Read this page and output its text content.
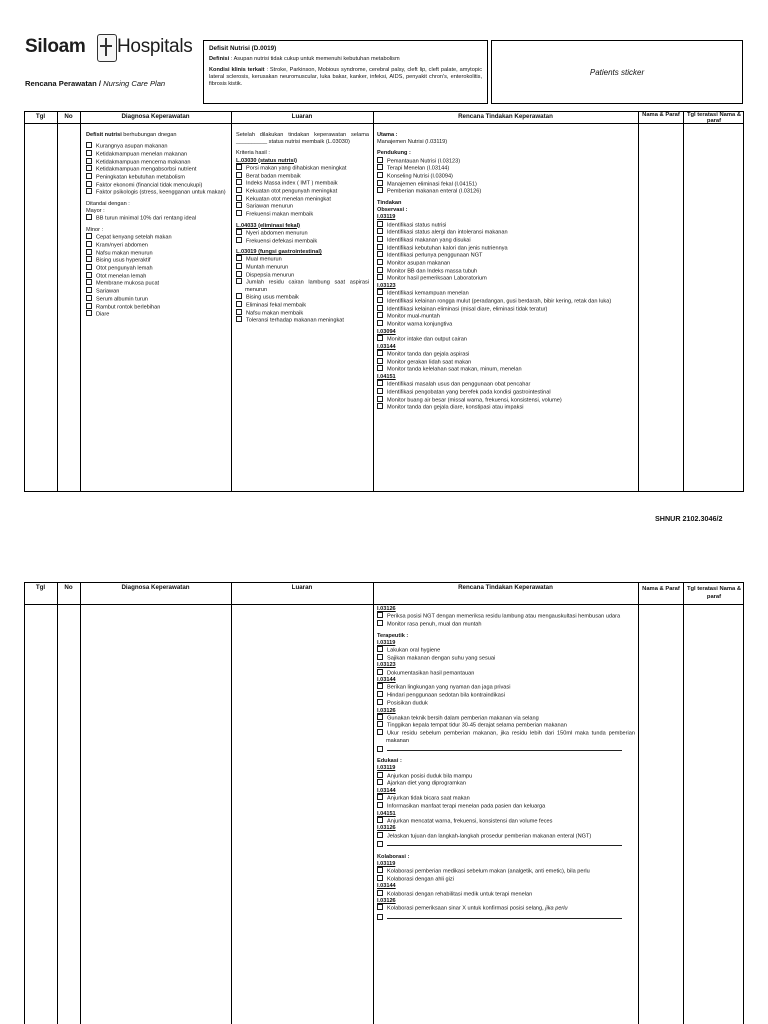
Siloam Hospitals
Rencana Perawatan / Nursing Care Plan
Defisit Nutrisi (D.0019)
Definisi : Asupan nutrisi tidak cukup untuk memenuhi kebutuhan metabolism
Kondisi klinis terkait : Stroke, Parkinson, Mobious syndrome, cerebral palsy, cleft lip, cleft palate, amytopic lateral sclerosis, kerusakan neuromuscular, luka bakar, kanker, infeksi, AIDS, penyakit chron's, enterokolitis, fibrosis kistik.
Patients sticker
Tgl	No	Diagnosa Keperawatan	Luaran	Rencana Tindakan Keperawatan	Nama & Paraf	Tgl teratasi Nama & paraf
Defisit nutrisi berhubungan dnegan
Kurangnya asupan makanan
Ketidakmampuan menelan makanan
Ketidakmampuan mencerna makanan
Ketidakmampuan mengabsorbsi nutrient
Peningkatan kebutuhan metabolism
Faktor ekonomi (financial tidak mencukupi)
Faktor psikologis (stress, keengganan untuk makan)
Ditandai dengan :
Mayor :
BB turun minimal 10% dari rentang ideal
Minor :
Cepat kenyang setelah makan
Kram/nyeri abdomen
Nafsu makan menurun
Bising usus hyperaktif
Otot pengunyah lemah
Otot menelan lemah
Membrane mukosa pucat
Sariawan
Serum albumin turun
Rambut rontok berlebihan
Diare
Setelah dilakukan tindakan keperawatan selama __________ status nutrisi membaik (L.03030)
Kriteria hasil :
L.03030 (status nutrisi)
Porsi makan yang dihabiskan meningkat
Berat badan membaik
Indeks Massa index ( IMT ) membaik
Kekuatan otot pengunyah meningkat
Kekuatan otot menelan meningkat
Sariawan menurun
Frekuensi makan membaik
L.04033 (eliminasi fekal)
Nyeri abdomen menurun
Frekuensi defekasi membaik
L.03019 (fungsi gastrointestinal)
Mual menurun
Muntah menurun
Dispepsia menurun
Jumlah residu cairan lambung saat aspirasi menurun
Bising usus membaik
Eliminasi fekal membaik
Nafsu makan membaik
Toleransi terhadap makanan meningkat
Utama :
Manajemen Nutrisi (I.03119)
Pendukung :
Pemantauan Nutrisi (I.03123)
Terapi Menelan (I.03144)
Konseling Nutrisi (I.03094)
Manajemen eliminasi fekal (I.04151)
Pemberian makanan enteral (I.03126)
Tindakan
Observasi :
I.03119
Identifikasi status nutrisi
Identifikasi status alergi dan intoleransi makanan
Identifikasi makanan yang disukai
Identifikasi kebutuhan kalori dan jenis nutriennya
Identifikasi perlunya penggunaan NGT
Monitor asupan makanan
Monitor BB dan Indeks massa tubuh
Monitor hasil pemeriksaan Laboratorium
I.03123
Identifikasi kemampuan menelan
Identifikasi kelainan rongga mulut (peradangan, gusi berdarah, bibir kering, retak dan luka)
Identifikasi kelainan eliminasi (misal diare, eliminasi tidak teratur)
Monitor mual-muntah
Monitor warna konjungtiva
I.03094
Monitor intake dan output cairan
I.03144
Monitor tanda dan gejala aspirasi
Monitor gerakan lidah saat makan
Monitor tanda kelelahan saat makan, minum, menelan
I.04151
Identifikasi masalah usus dan penggunaan obat pencahar
Identifikasi pengobatan yang berefek pada kondisi gastrointestinal
Monitor buang air besar (missal warna, frekuensi, konsistensi, volume)
Monitor tanda dan gejala diare, konstipasi atau impaksi
SHNUR 2102.3046/2
Tgl	No	Diagnosa Keperawatan	Luaran	Rencana Tindakan Keperawatan	Nama & Paraf	Tgl teratasi Nama & paraf
I.03126
Periksa posisi NGT dengan memeriksa residu lambung atau mengauskultasi hembusan udara
Monitor rasa penuh, mual dan muntah
Terapeutik :
I.03119
Lakukan oral hygiene
Sajikan makanan dengan suhu yang sesuai
I.03123
Dokumentasikan hasil pemantauan
I.03144
Berikan lingkungan yang nyaman dan jaga privasi
Hindari penggunaan sedotan bila kontraindikasi
Posisikan duduk
I.03126
Gunakan teknik bersih dalam pemberian makanan via selang
Tinggikan kepala tempat tidur 30-45 derajat selama pemberian makanan
Ukur residu sebelum pemberian makanan, jika residu lebih dari 150ml maka tunda pemberian makanan
Edukasi :
I.03119
Anjurkan posisi duduk bila mampu
Ajarkan diet yang diprogramkan
I.03144
Anjurkan tidak bicara saat makan
Informasikan manfaat terapi menelan pada pasien dan keluarga
I.04151
Anjurkan mencatat warna, frekuensi, konsistensi dan volume feces
I.03126
Jelaskan tujuan dan langkah-langkah prosedur pemberian makanan enteral (NGT)
Kolaborasi :
I.03119
Kolaborasi pemberian medikasi sebelum makan (analgetik, anti emetic), bila perlu
Kolaborasi dengan ahli gizi
I.03144
Kolaborasi dengan rehabilitasi medik untuk terapi menelan
I.03126
Kolaborasi pemeriksaan sinar X untuk konfirmasi posisi selang, jika perlu
